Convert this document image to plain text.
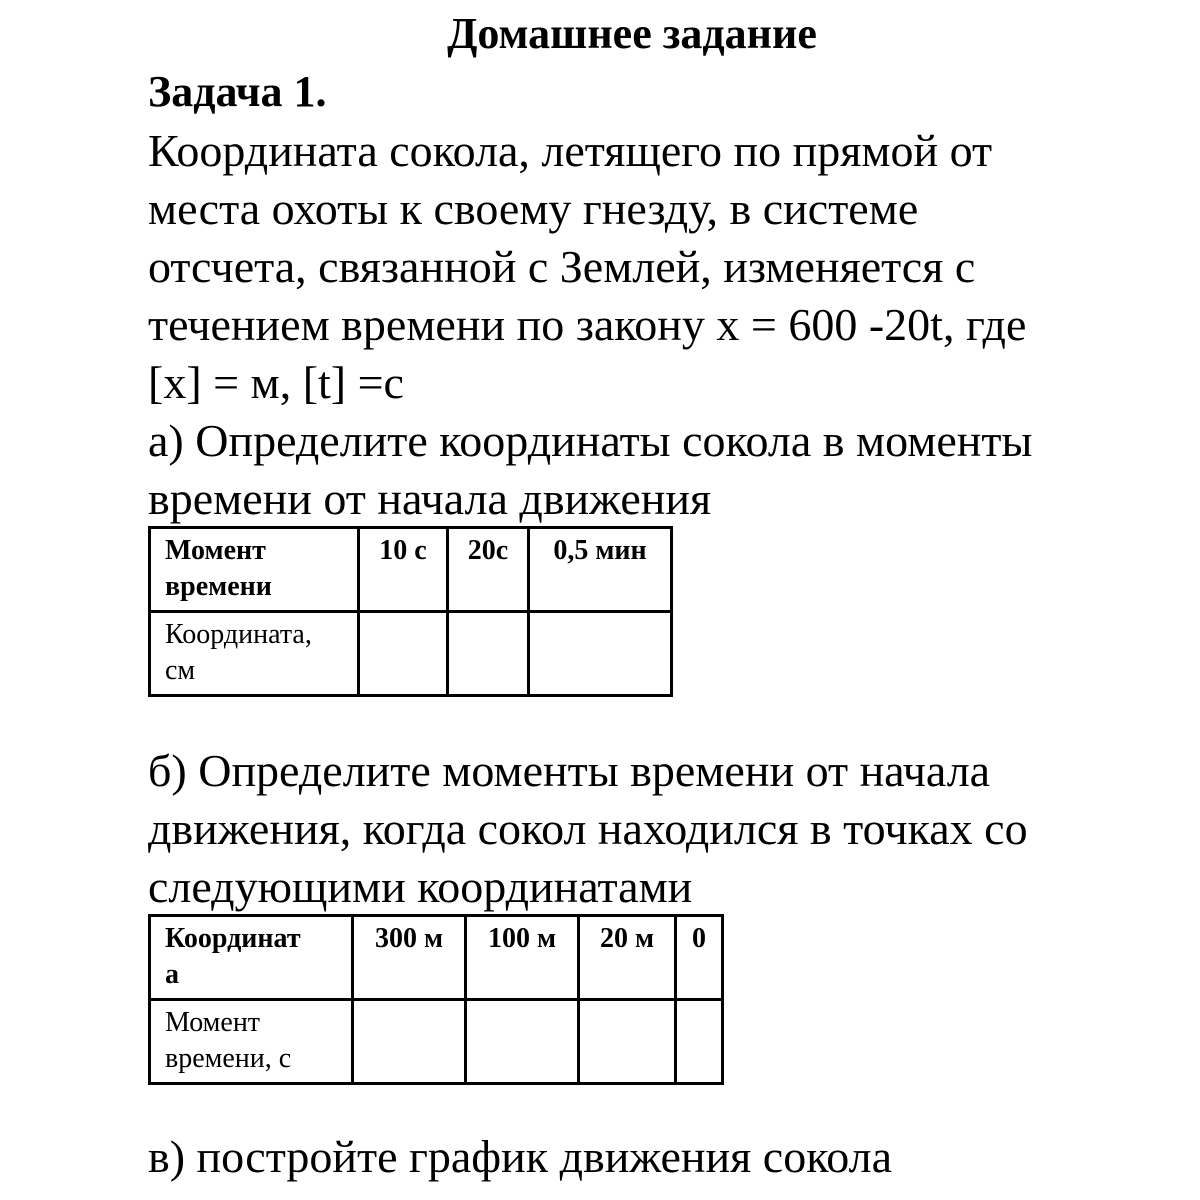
Домашнее задание
Задача 1.
Координата сокола, летящего по прямой от
места охоты к своему гнезду, в системе
отсчета, связанной с Землей, изменяется с
течением времени по закону x = 600 -20t, где
[x] = м, [t] =с
а) Определите координаты сокола в моменты
времени от начала движения
Момент
времени	10 с	20с	0,5 мин

Координата,
см			

б) Определите моменты времени от начала
движения, когда сокол находился в точках со
следующими координатами
Координат
а	300 м	100 м	20 м	0

Момент
времени, с				

в) постройте график движения сокола
